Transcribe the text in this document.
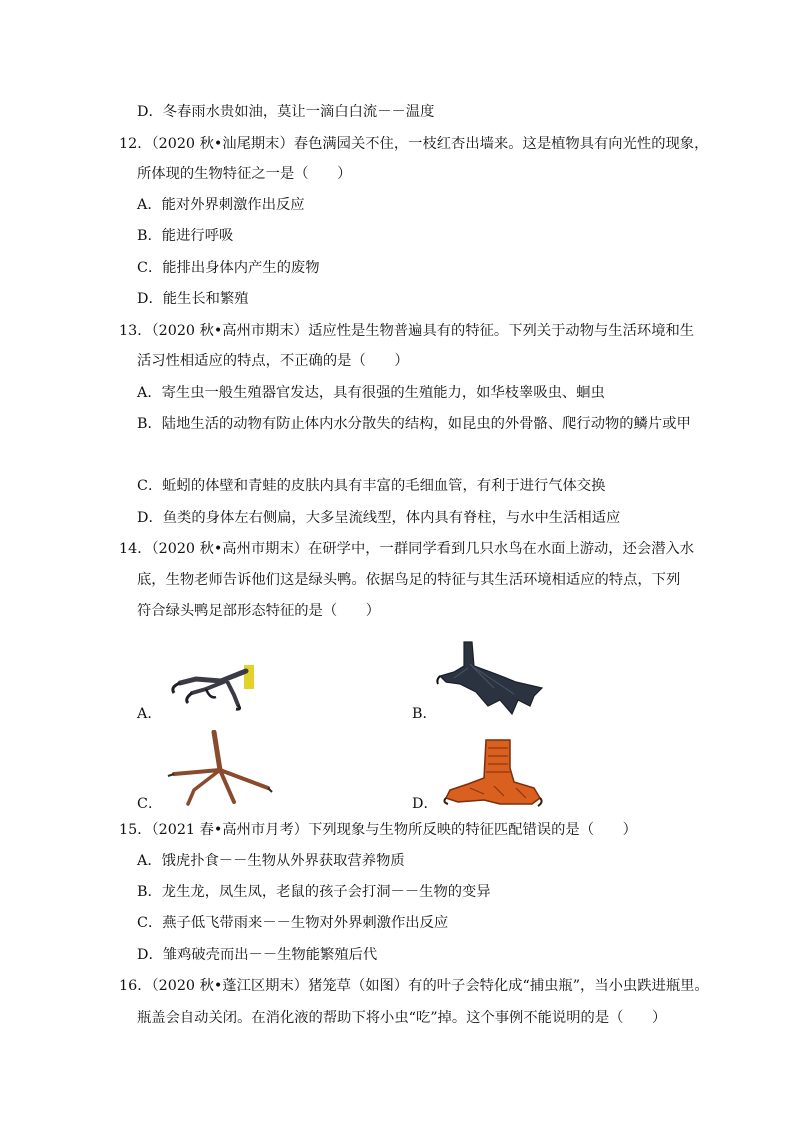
D．冬春雨水贵如油，莫让一滴白白流－－温度
12．（2020 秋•汕尾期末）春色满园关不住，一枝红杏出墙来。这是植物具有向光性的现象，
所体现的生物特征之一是（　　）
A．能对外界刺激作出反应
B．能进行呼吸
C．能排出身体内产生的废物
D．能生长和繁殖
13．（2020 秋•高州市期末）适应性是生物普遍具有的特征。下列关于动物与生活环境和生
活习性相适应的特点，不正确的是（　　）
A．寄生虫一般生殖器官发达，具有很强的生殖能力，如华枝睾吸虫、蛔虫
B．陆地生活的动物有防止体内水分散失的结构，如昆虫的外骨骼、爬行动物的鳞片或甲
C．蚯蚓的体壁和青蛙的皮肤内具有丰富的毛细血管，有利于进行气体交换
D．鱼类的身体左右侧扁，大多呈流线型，体内具有脊柱，与水中生活相适应
14．（2020 秋•高州市期末）在研学中，一群同学看到几只水鸟在水面上游动，还会潜入水
底，生物老师告诉他们这是绿头鸭。依据鸟足的特征与其生活环境相适应的特点，下列
符合绿头鸭足部形态特征的是（　　）
A．	B．
C．	D．
15．（2021 春•高州市月考）下列现象与生物所反映的特征匹配错误的是（　　）
A．饿虎扑食－－生物从外界获取营养物质
B．龙生龙，凤生凤，老鼠的孩子会打洞－－生物的变异
C．燕子低飞带雨来－－生物对外界刺激作出反应
D．雏鸡破壳而出－－生物能繁殖后代
16．（2020 秋•蓬江区期末）猪笼草（如图）有的叶子会特化成“捕虫瓶”，当小虫跌进瓶里。
瓶盖会自动关闭。在消化液的帮助下将小虫“吃”掉。这个事例不能说明的是（　　）
